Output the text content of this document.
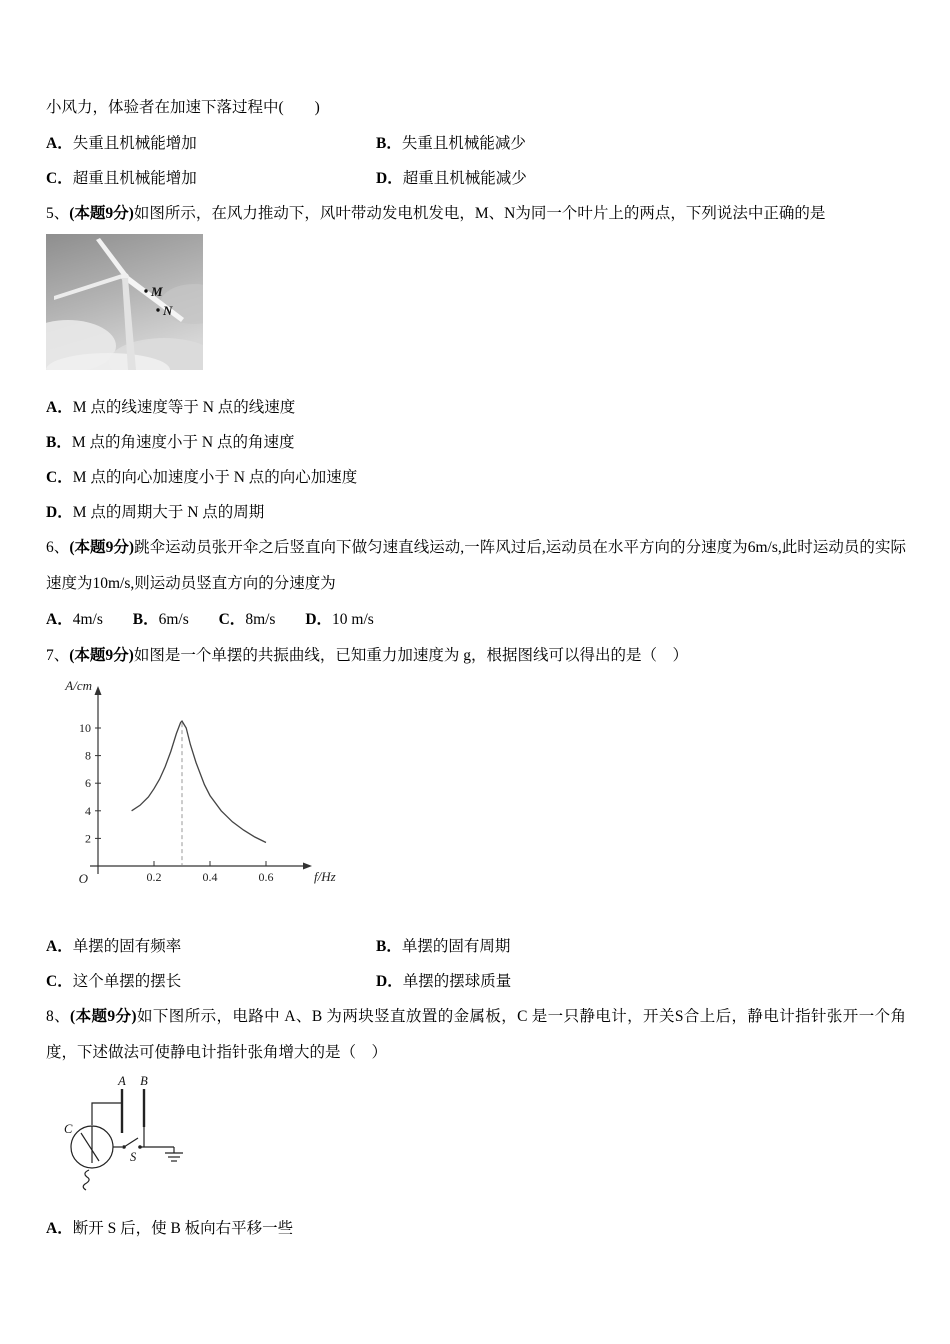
小风力，体验者在加速下落过程中(　　)

A．失重且机械能增加	B．失重且机械能减少

C．超重且机械能增加	D．超重且机械能减少

5、(本题9分)如图所示，在风力推动下，风叶带动发电机发电，M、N为同一个叶片上的两点，下列说法中正确的是

M
N

A．M 点的线速度等于 N 点的线速度

B．M 点的角速度小于 N 点的角速度

C．M 点的向心加速度小于 N 点的向心加速度

D．M 点的周期大于 N 点的周期

6、(本题9分)跳伞运动员张开伞之后竖直向下做匀速直线运动,一阵风过后,运动员在水平方向的分速度为6m/s,此时运动员的实际速度为10m/s,则运动员竖直方向的分速度为

A．4m/s B．6m/s C．8m/s D．10 m/s

7、(本题9分)如图是一个单摆的共振曲线，已知重力加速度为 g，根据图线可以得出的是（　）

2
4
6
8
10
0.2	0.4	0.6
A/cm
f/Hz
O

A．单摆的固有频率	B．单摆的固有周期

C．这个单摆的摆长	D．单摆的摆球质量

8、(本题9分)如下图所示，电路中 A、B 为两块竖直放置的金属板，C 是一只静电计，开关S合上后，静电计指针张开一个角度，下述做法可使静电计指针张角增大的是（　）

A B
C
S

A．断开 S 后，使 B 板向右平移一些
